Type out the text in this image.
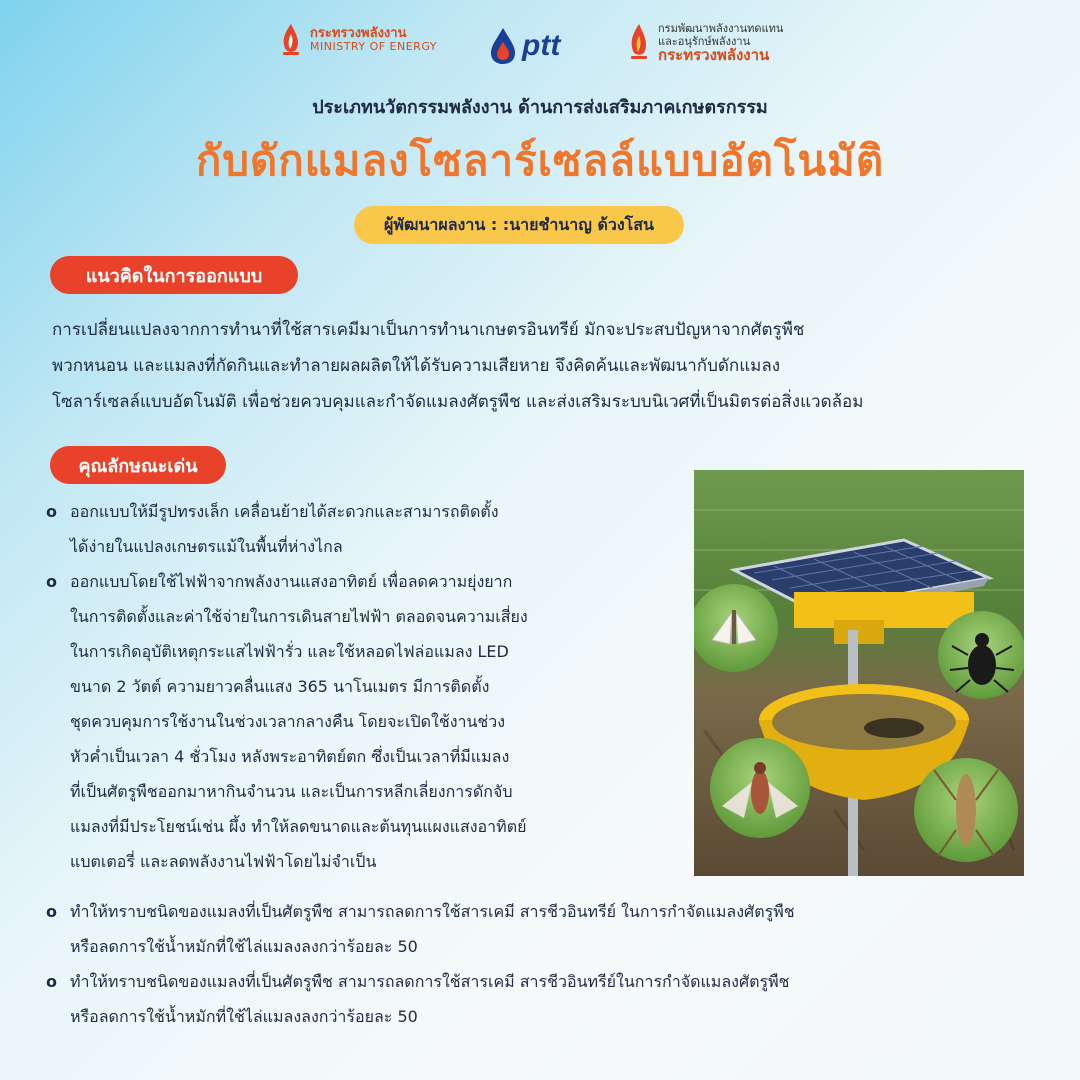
กระทรวงพลังงาน
MINISTRY OF ENERGY	ptt
กรมพัฒนาพลังงานทดแทน
และอนุรักษ์พลังงาน
กระทรวงพลังงาน
ประเภทนวัตกรรมพลังงาน ด้านการส่งเสริมภาคเกษตรกรรม
กับดักแมลงโซลาร์เซลล์แบบอัตโนมัติ
ผู้พัฒนาผลงาน : :นายชำนาญ ด้วงโสน
แนวคิดในการออกแบบ
การเปลี่ยนแปลงจากการทำนาที่ใช้สารเคมีมาเป็นการทำนาเกษตรอินทรีย์ มักจะประสบปัญหาจากศัตรูพืช
พวกหนอน และแมลงที่กัดกินและทำลายผลผลิตให้ได้รับความเสียหาย จึงคิดค้นและพัฒนากับดักแมลง
โซลาร์เซลล์แบบอัตโนมัติ เพื่อช่วยควบคุมและกำจัดแมลงศัตรูพืช และส่งเสริมระบบนิเวศที่เป็นมิตรต่อสิ่งแวดล้อม
คุณลักษณะเด่น
o ออกแบบให้มีรูปทรงเล็ก เคลื่อนย้ายได้สะดวกและสามารถติดตั้ง
ได้ง่ายในแปลงเกษตรแม้ในพื้นที่ห่างไกล
o ออกแบบโดยใช้ไฟฟ้าจากพลังงานแสงอาทิตย์ เพื่อลดความยุ่งยาก
ในการติดตั้งและค่าใช้จ่ายในการเดินสายไฟฟ้า ตลอดจนความเสี่ยง
ในการเกิดอุบัติเหตุกระแสไฟฟ้ารั่ว และใช้หลอดไฟล่อแมลง LED
ขนาด 2 วัตต์ ความยาวคลื่นแสง 365 นาโนเมตร มีการติดตั้ง
ชุดควบคุมการใช้งานในช่วงเวลากลางคืน โดยจะเปิดใช้งานช่วง
หัวค่ำเป็นเวลา 4 ชั่วโมง หลังพระอาทิตย์ตก ซึ่งเป็นเวลาที่มีแมลง
ที่เป็นศัตรูพืชออกมาหากินจำนวน และเป็นการหลีกเลี่ยงการดักจับ
แมลงที่มีประโยชน์เช่น ผึ้ง ทำให้ลดขนาดและต้นทุนแผงแสงอาทิตย์
แบตเตอรี่ และลดพลังงานไฟฟ้าโดยไม่จำเป็น
o ทำให้ทราบชนิดของแมลงที่เป็นศัตรูพืช สามารถลดการใช้สารเคมี สารชีวอินทรีย์ ในการกำจัดแมลงศัตรูพืช
หรือลดการใช้น้ำหมักที่ใช้ไล่แมลงลงกว่าร้อยละ 50
o ทำให้ทราบชนิดของแมลงที่เป็นศัตรูพืช สามารถลดการใช้สารเคมี สารชีวอินทรีย์ในการกำจัดแมลงศัตรูพืช
หรือลดการใช้น้ำหมักที่ใช้ไล่แมลงลงกว่าร้อยละ 50
